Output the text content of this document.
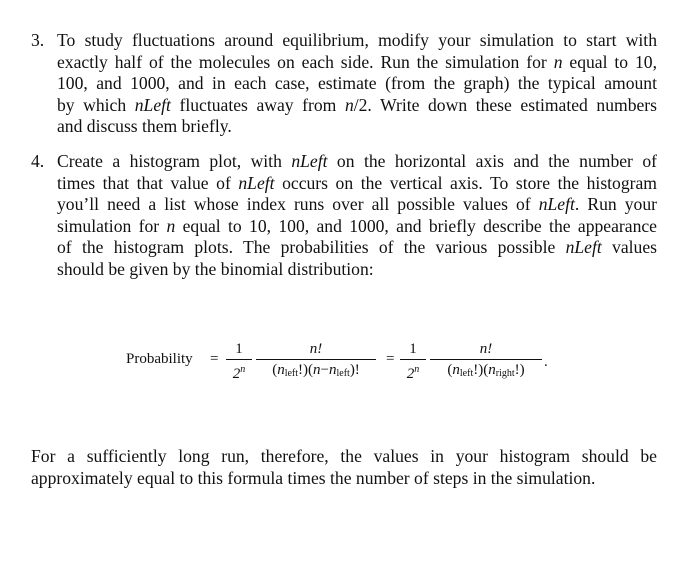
3. To study fluctuations around equilibrium, modify your simulation to start with
exactly half of the molecules on each side. Run the simulation for n equal to 10,
100, and 1000, and in each case, estimate (from the graph) the typical amount
by which nLeft fluctuates away from n/2. Write down these estimated numbers
and discuss them briefly.
4. Create a histogram plot, with nLeft on the horizontal axis and the number of
times that that value of nLeft occurs on the vertical axis. To store the histogram
you’ll need a list whose index runs over all possible values of nLeft. Run your
simulation for n equal to 10, 100, and 1000, and briefly describe the appearance
of the histogram plots. The probabilities of the various possible nLeft values
should be given by the binomial distribution:
Probability =
1
2$^n$
n!
$(n_{left}!)(n-n_{left})$!
=
1
2$^n$
n!
$(n_{left}!)(n_{right}!)$	.
For a sufficiently long run, therefore, the values in your histogram should be
approximately equal to this formula times the number of steps in the simulation.
